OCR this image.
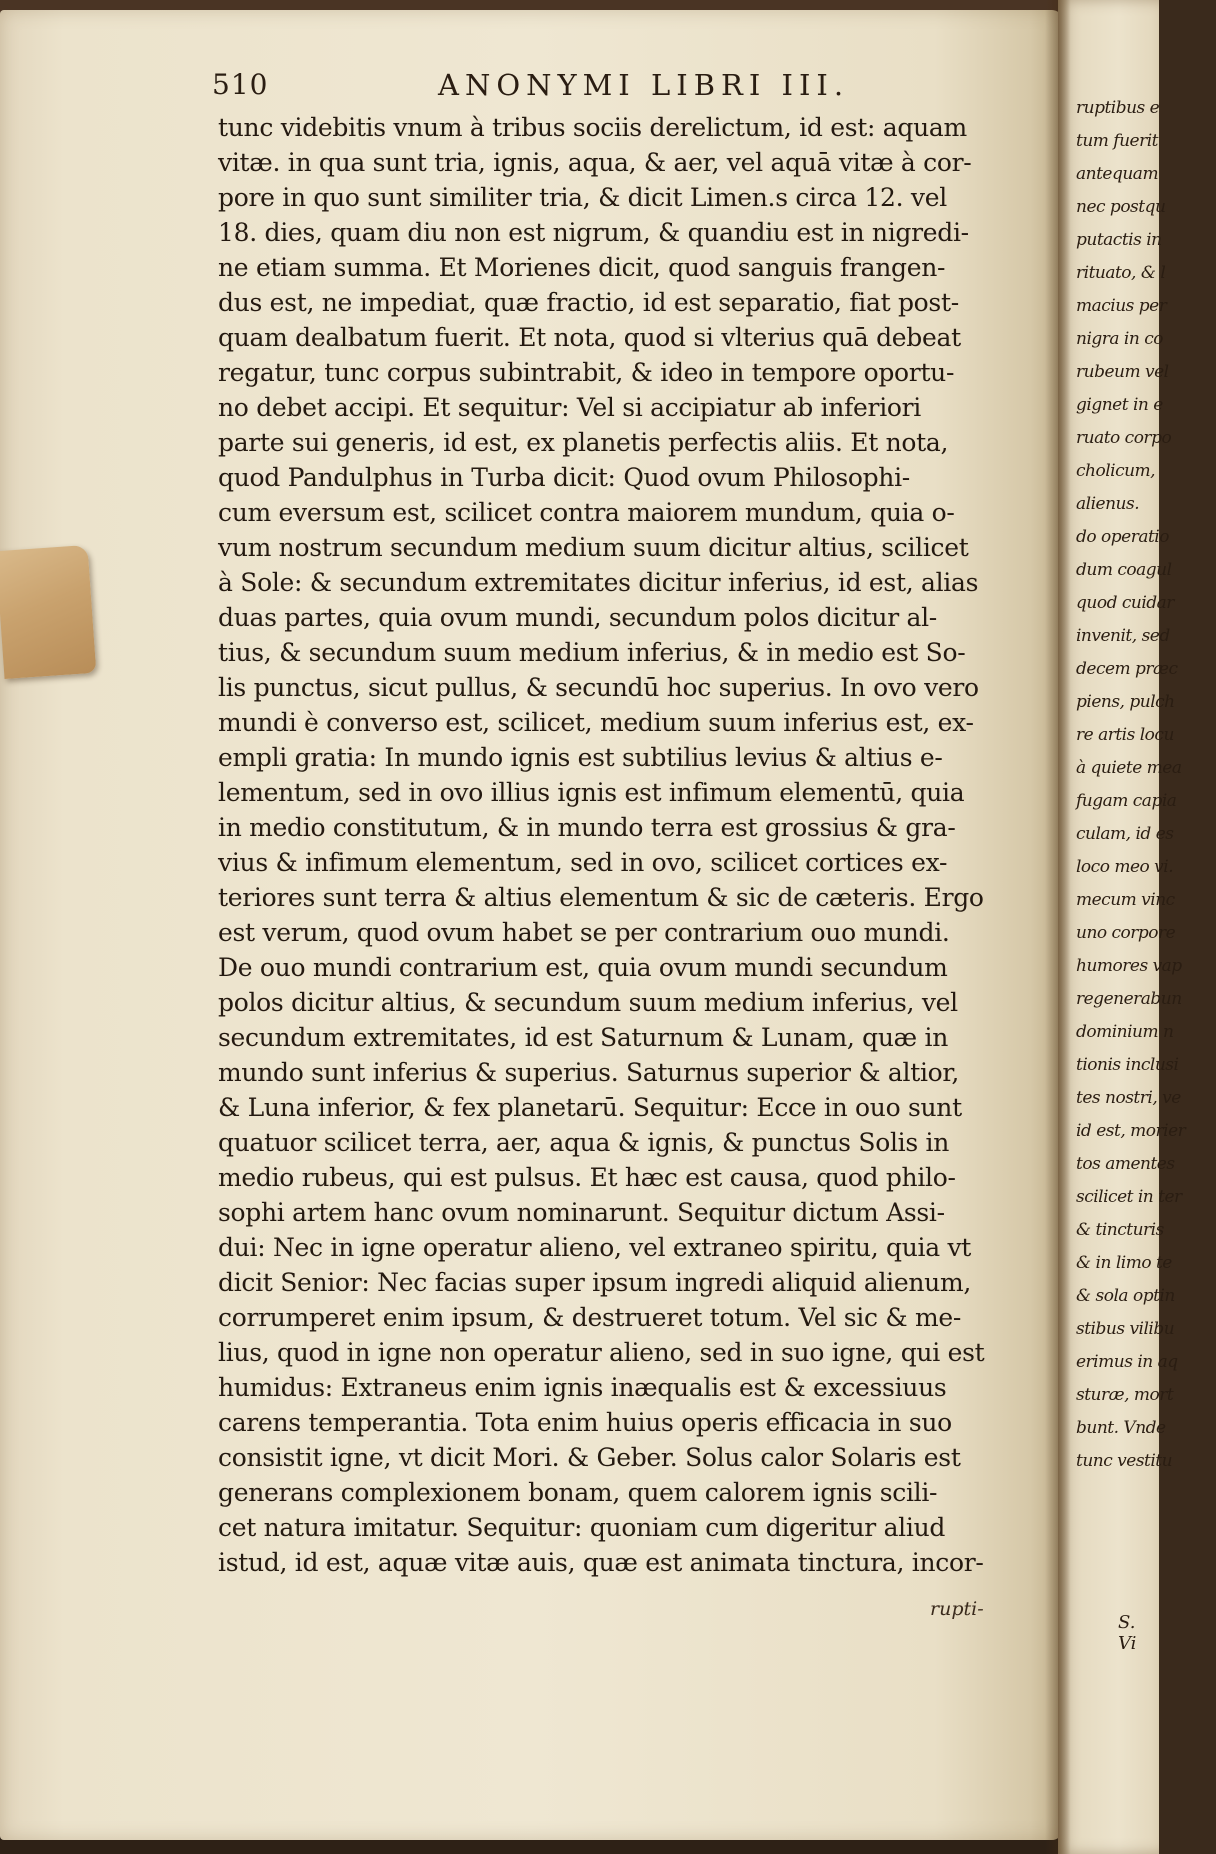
510	ANONYMI LIBRI III.
tunc videbitis vnum à tribus sociis derelictum, id est: aquam
vitæ. in qua sunt tria, ignis, aqua, & aer, vel aquā vitæ à cor-
pore in quo sunt similiter tria, & dicit Limen.s circa 12. vel
18. dies, quam diu non est nigrum, & quandiu est in nigredi-
ne etiam summa. Et Morienes dicit, quod sanguis frangen-
dus est, ne impediat, quæ fractio, id est separatio, fiat post-
quam dealbatum fuerit. Et nota, quod si vlterius quā debeat
regatur, tunc corpus subintrabit, & ideo in tempore oportu-
no debet accipi. Et sequitur: Vel si accipiatur ab inferiori
parte sui generis, id est, ex planetis perfectis aliis. Et nota,
quod Pandulphus in Turba dicit: Quod ovum Philosophi-
cum eversum est, scilicet contra maiorem mundum, quia o-
vum nostrum secundum medium suum dicitur altius, scilicet
à Sole: & secundum extremitates dicitur inferius, id est, alias
duas partes, quia ovum mundi, secundum polos dicitur al-
tius, & secundum suum medium inferius, & in medio est So-
lis punctus, sicut pullus, & secundū hoc superius. In ovo vero
mundi è converso est, scilicet, medium suum inferius est, ex-
empli gratia: In mundo ignis est subtilius levius & altius e-
lementum, sed in ovo illius ignis est infimum elementū, quia
in medio constitutum, & in mundo terra est grossius & gra-
vius & infimum elementum, sed in ovo, scilicet cortices ex-
teriores sunt terra & altius elementum & sic de cæteris. Ergo
est verum, quod ovum habet se per contrarium ouo mundi.
De ouo mundi contrarium est, quia ovum mundi secundum
polos dicitur altius, & secundum suum medium inferius, vel
secundum extremitates, id est Saturnum & Lunam, quæ in
mundo sunt inferius & superius. Saturnus superior & altior,
& Luna inferior, & fex planetarū. Sequitur: Ecce in ouo sunt
quatuor scilicet terra, aer, aqua & ignis, & punctus Solis in
medio rubeus, qui est pulsus. Et hæc est causa, quod philo-
sophi artem hanc ovum nominarunt. Sequitur dictum Assi-
dui: Nec in igne operatur alieno, vel extraneo spiritu, quia vt
dicit Senior: Nec facias super ipsum ingredi aliquid alienum,
corrumperet enim ipsum, & destrueret totum. Vel sic & me-
lius, quod in igne non operatur alieno, sed in suo igne, qui est
humidus: Extraneus enim ignis inæqualis est & excessiuus
carens temperantia. Tota enim huius operis efficacia in suo
consistit igne, vt dicit Mori. & Geber. Solus calor Solaris est
generans complexionem bonam, quem calorem ignis scili-
cet natura imitatur. Sequitur: quoniam cum digeritur aliud
istud, id est, aquæ vitæ auis, quæ est animata tinctura, incor-
rupti-
ruptibus e
tum fuerit
antequam
nec postqu
putactis in
rituato, & l
macius per
nigra in co
rubeum vel
gignet in e
ruato corpo
cholicum,
alienus.
do operatio
dum coagul
quod cuidar
invenit, sed
decem præc
piens, pulch
re artis locu
à quiete mea
fugam capia
culam, id es
loco meo vi.
mecum vinc
uno corpore
humores vap
regenerabun
dominium n
tionis inclusi
tes nostri, ve
id est, morier
tos amentes
scilicet in ter
& tincturis
& in limo te
& sola optin
stibus vilibu
erimus in aq
sturæ, mort
bunt. Vnde
tunc vestitu
S. Vi
